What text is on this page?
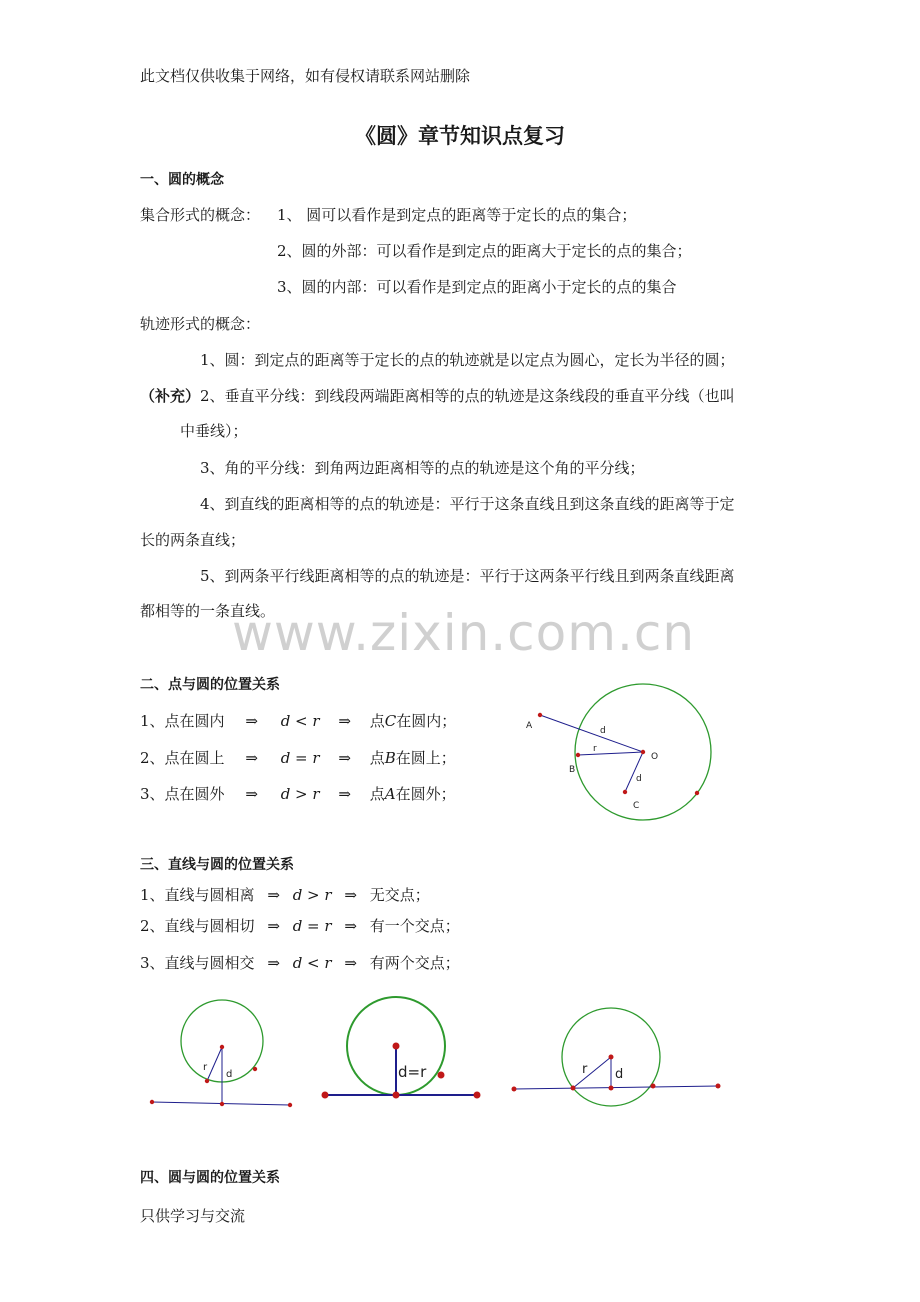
此文档仅供收集于网络，如有侵权请联系网站删除
《圆》章节知识点复习
一、圆的概念
集合形式的概念： 1、 圆可以看作是到定点的距离等于定长的点的集合；
2、圆的外部：可以看作是到定点的距离大于定长的点的集合；
3、圆的内部：可以看作是到定点的距离小于定长的点的集合
轨迹形式的概念：
1、圆：到定点的距离等于定长的点的轨迹就是以定点为圆心，定长为半径的圆；
（补充）2、垂直平分线：到线段两端距离相等的点的轨迹是这条线段的垂直平分线（也叫
中垂线）；
3、角的平分线：到角两边距离相等的点的轨迹是这个角的平分线；
4、到直线的距离相等的点的轨迹是：平行于这条直线且到这条直线的距离等于定
长的两条直线；
5、到两条平行线距离相等的点的轨迹是：平行于这两条平行线且到两条直线距离
都相等的一条直线。
www.zixin.com.cn
二、点与圆的位置关系
1、点在圆内 ⇒ d < r ⇒ 点C在圆内；
2、点在圆上 ⇒ d = r ⇒ 点B在圆上；
3、点在圆外 ⇒ d > r ⇒ 点A在圆外；
A
B
C
O
d
r
d
三、直线与圆的位置关系
1、直线与圆相离 ⇒ d > r ⇒ 无交点；
2、直线与圆相切 ⇒ d = r ⇒ 有一个交点；
3、直线与圆相交 ⇒ d < r ⇒ 有两个交点；
r
d	d=r	r d
四、圆与圆的位置关系
只供学习与交流
